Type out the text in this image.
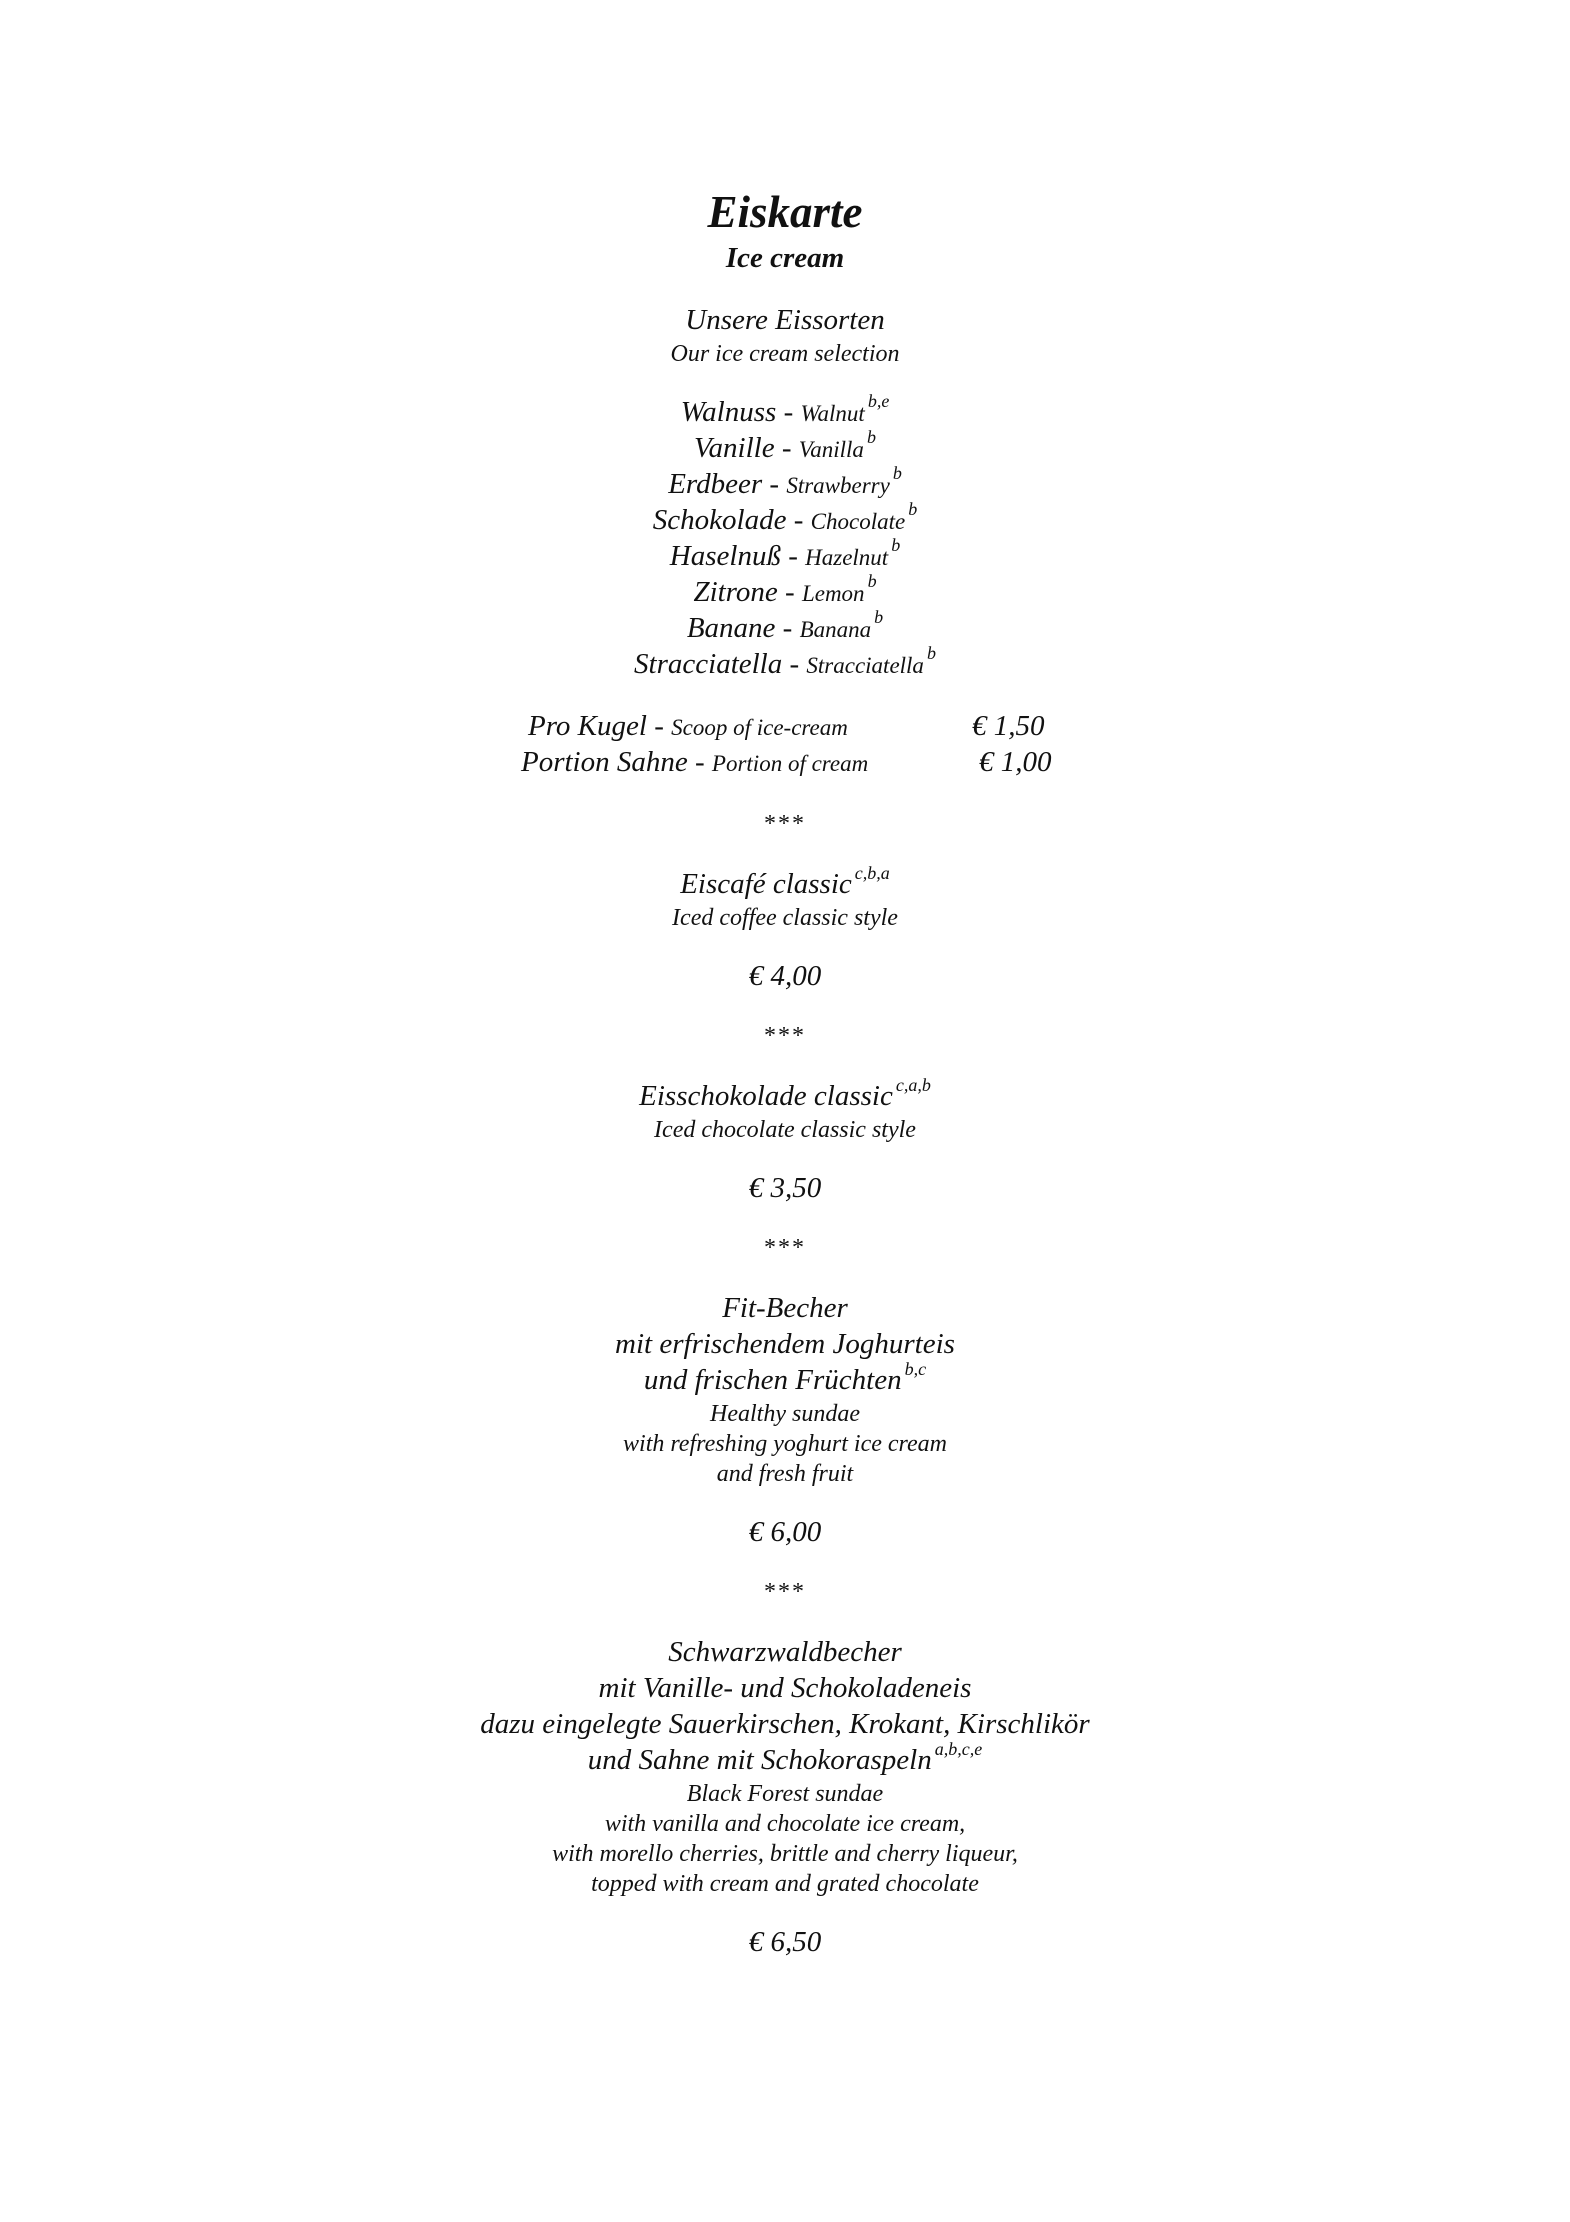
Eiskarte
Ice cream
Unsere Eissorten
Our ice cream selection
Walnuss - Walnut $^{b,e}$
Vanille - Vanilla $^b$
Erdbeer - Strawberry $^b$
Schokolade - Chocolate $^b$
Haselnuß - Hazelnut $^b$
Zitrone - Lemon $^b$
Banane - Banana $^b$
Stracciatella - Stracciatella $^b$
Pro Kugel - Scoop of ice-cream	€ 1,50
Portion Sahne - Portion of cream	€ 1,00
***
Eiscafé classic $^{c,b,a}$
Iced coffee classic style
€ 4,00
***
Eisschokolade classic $^{c,a,b}$
Iced chocolate classic style
€ 3,50
***
Fit-Becher
mit erfrischendem Joghurteis
und frischen Früchten $^{b,c}$
Healthy sundae
with refreshing yoghurt ice cream
and fresh fruit
€ 6,00
***
Schwarzwaldbecher
mit Vanille- und Schokoladeneis
dazu eingelegte Sauerkirschen, Krokant, Kirschlikör
und Sahne mit Schokoraspeln $^{a,b,c,e}$
Black Forest sundae
with vanilla and chocolate ice cream,
with morello cherries, brittle and cherry liqueur,
topped with cream and grated chocolate
€ 6,50
